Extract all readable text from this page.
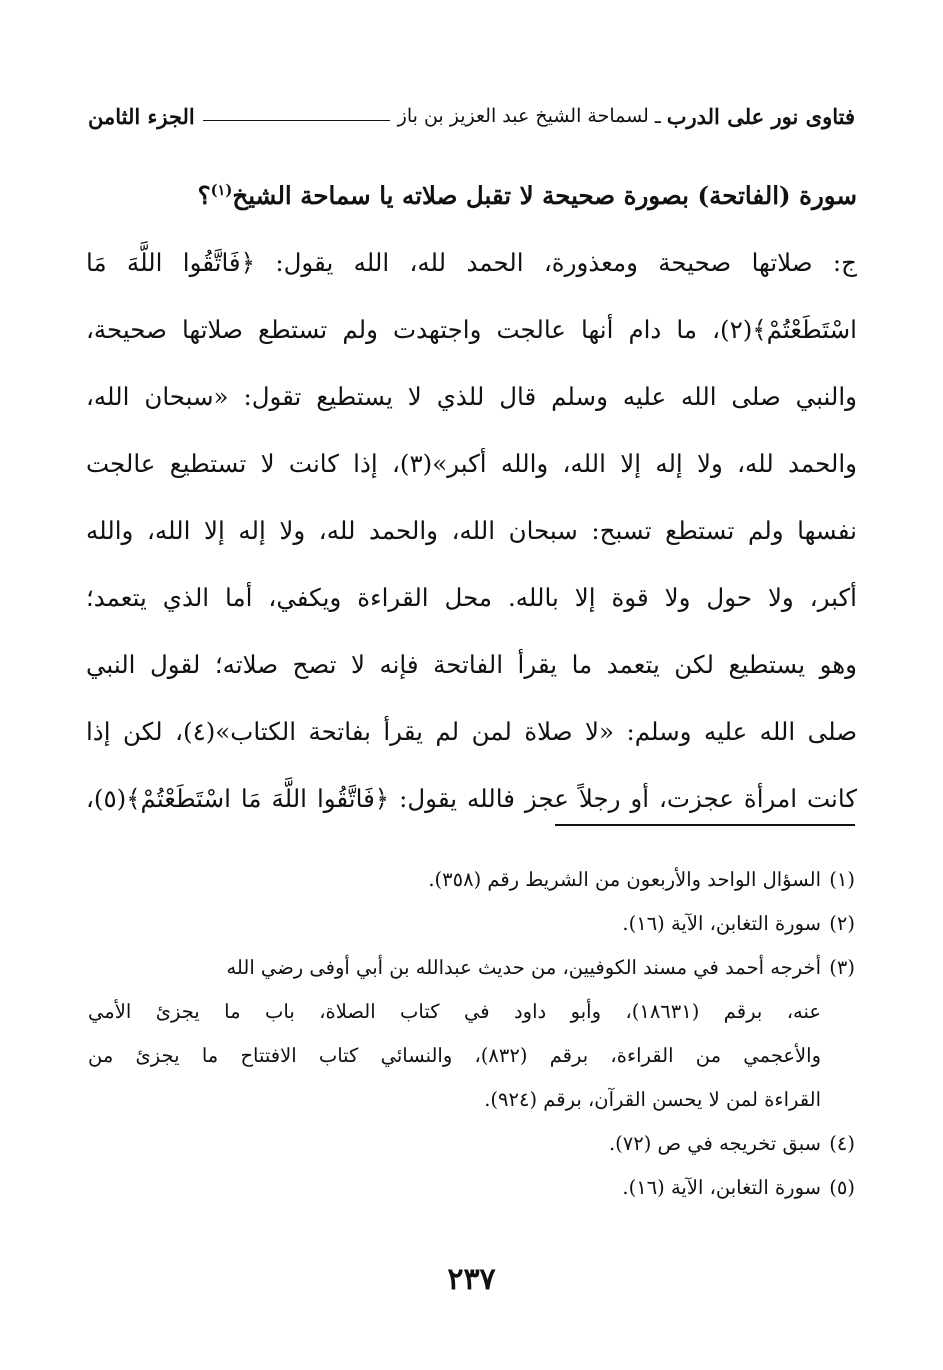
فتاوى نور على الدرب
ـ
لسماحة الشيخ عبد العزيز بن باز
الجزء الثامن
سورة (الفاتحة) بصورة صحيحة لا تقبل صلاته يا سماحة الشيخ$^{(١)}$؟
ج: صلاتها صحيحة ومعذورة، الحمد لله، الله يقول: ﴿فَاتَّقُوا اللَّهَ مَا
اسْتَطَعْتُمْ﴾(٢)، ما دام أنها عالجت واجتهدت ولم تستطع صلاتها صحيحة،
والنبي صلى الله عليه وسلم قال للذي لا يستطيع تقول: «سبحان الله،
والحمد لله، ولا إله إلا الله، والله أكبر»(٣)، إذا كانت لا تستطيع عالجت
نفسها ولم تستطع تسبح: سبحان الله، والحمد لله، ولا إله إلا الله، والله
أكبر، ولا حول ولا قوة إلا بالله. محل القراءة ويكفي، أما الذي يتعمد؛
وهو يستطيع لكن يتعمد ما يقرأ الفاتحة فإنه لا تصح صلاته؛ لقول النبي
صلى الله عليه وسلم: «لا صلاة لمن لم يقرأ بفاتحة الكتاب»(٤)، لكن إذا
كانت امرأة عجزت، أو رجلاً عجز فالله يقول: ﴿فَاتَّقُوا اللَّهَ مَا اسْتَطَعْتُمْ﴾(٥)،
(١)السؤال الواحد والأربعون من الشريط رقم (٣٥٨).
(٢)سورة التغابن، الآية (١٦).
(٣)أخرجه أحمد في مسند الكوفيين، من حديث عبدالله بن أبي أوفى رضي الله
عنه، برقم (١٨٦٣١)، وأبو داود في كتاب الصلاة، باب ما يجزئ الأمي
والأعجمي من القراءة، برقم (٨٣٢)، والنسائي كتاب الافتتاح ما يجزئ من
القراءة لمن لا يحسن القرآن، برقم (٩٢٤).
(٤)سبق تخريجه في ص (٧٢).
(٥)سورة التغابن، الآية (١٦).
٢٣٧
